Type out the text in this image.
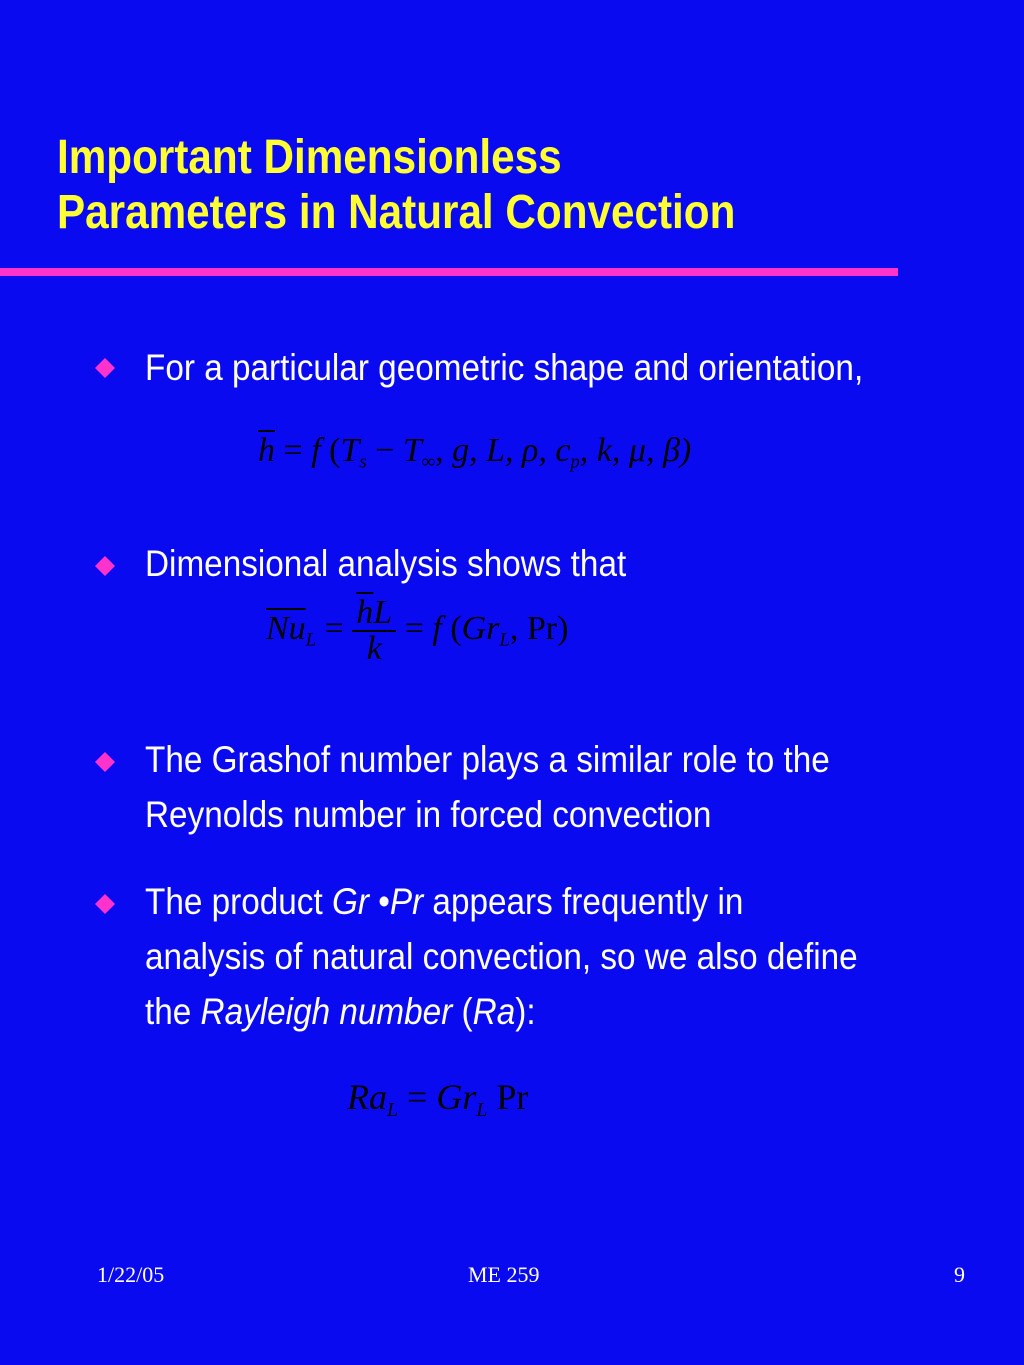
Important Dimensionless
Parameters in Natural Convection
For a particular geometric shape and orientation,
$\overline{h} = f$ ($T_s - T_\infty$, g, L, ρ, $c_p$, k, μ, β)
Dimensional analysis shows that
$\overline{Nu}_L = \frac{\overline{h}L}{k} = f$ ($Gr_L$, Pr)
The Grashof number plays a similar role to the
Reynolds number in forced convection
The product Gr •Pr appears frequently in
analysis of natural convection, so we also define
the Rayleigh number (Ra):
$Ra_L = Gr_L$ Pr
1/22/05	ME 259	9
